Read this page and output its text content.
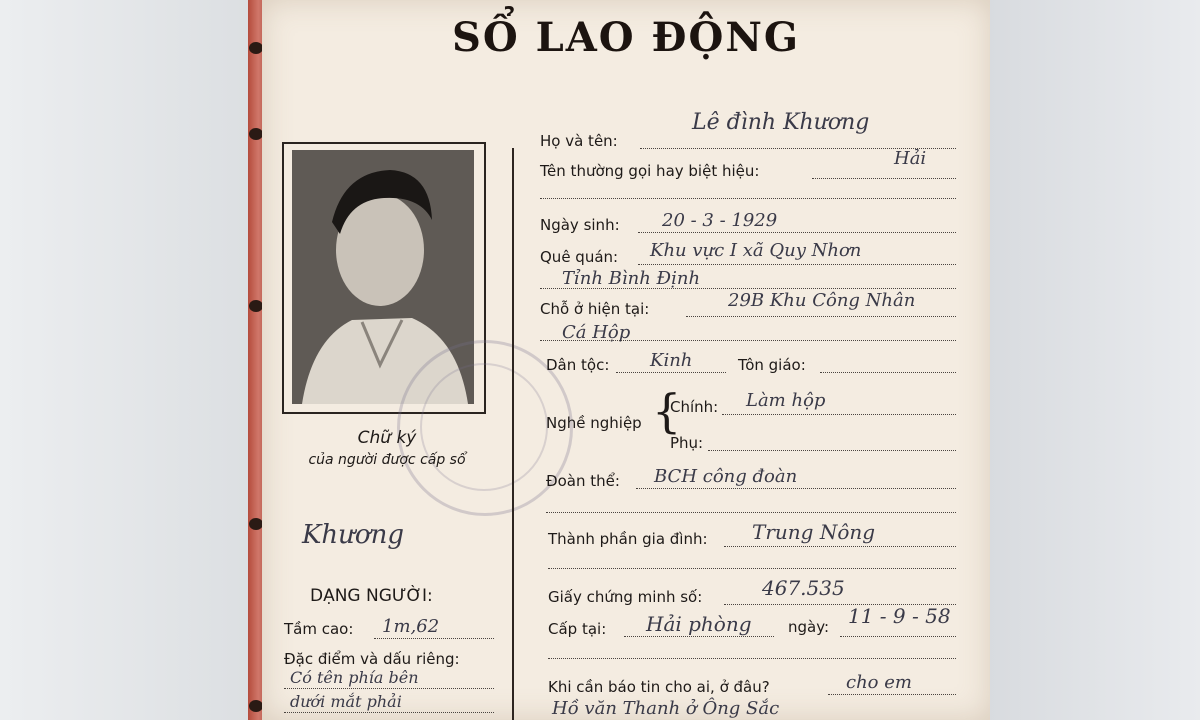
SỔ LAO ĐỘNG
Chữ ký
của người được cấp sổ
Khương
DẠNG NGƯỜI:
Tầm cao: 1m,62
Đặc điểm và dấu riêng:
Có tên phía bên
dưới mắt phải
Họ và tên:
Lê đình Khương
Tên thường gọi hay biệt hiệu:
Hải
Ngày sinh: 20 - 3 - 1929
Quê quán: Khu vực I xã Quy Nhơn
Tỉnh Bình Định
Chỗ ở hiện tại:	29B Khu Công Nhân
Cá Hộp
Dân tộc: Kinh	Tôn giáo:
Nghề nghiệp {
Chính: Làm hộp
Phụ:
Đoàn thể: BCH công đoàn
Thành phần gia đình: Trung Nông
Giấy chứng minh số:	467.535
Cấp tại: Hải phòng ngày: 11 - 9 - 58
Khi cần báo tin cho ai, ở đâu?	cho em
Hồ văn Thanh ở Ông Sắc
